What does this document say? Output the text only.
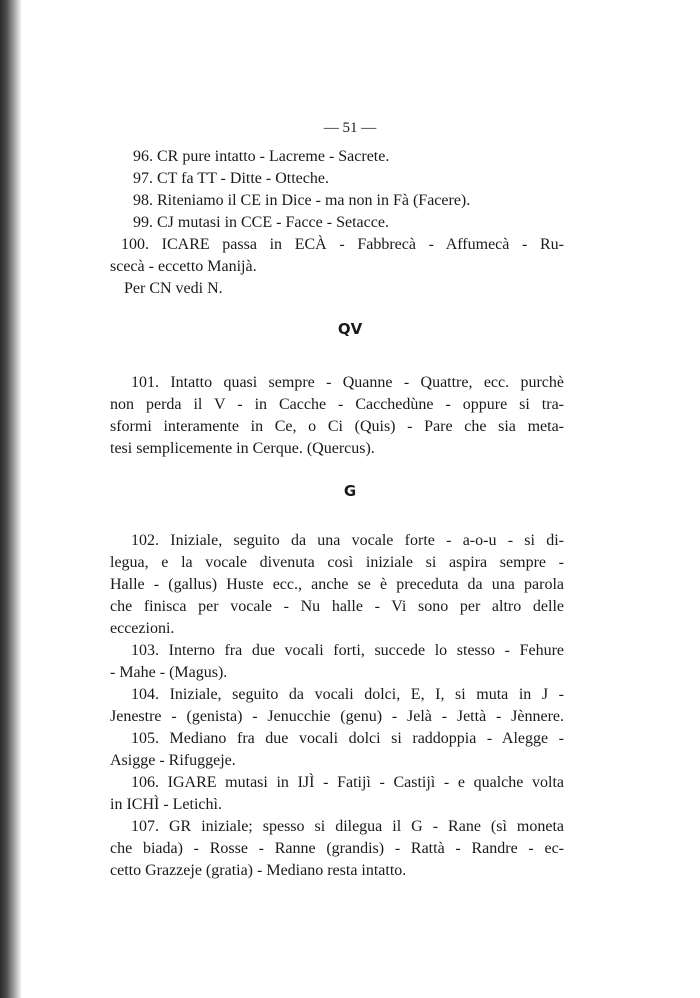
— 51 —
96. CR pure intatto - Lacreme - Sacrete.
97. CT fa TT - Ditte - Otteche.
98. Riteniamo il CE in Dice - ma non in Fà (Facere).
99. CJ mutasi in CCE - Facce - Setacce.
100. ICARE passa in ECÀ - Fabbrecà - Affumecà - Ru-
scecà - eccetto Manijà.
Per CN vedi N.
QV
101. Intatto quasi sempre - Quanne - Quattre, ecc. purchè
non perda il V - in Cacche - Cacchedùne - oppure si tra-
sformi interamente in Ce, o Ci (Quis) - Pare che sia meta-
tesi semplicemente in Cerque. (Quercus).
G
102. Iniziale, seguito da una vocale forte - a-o-u - si di-
legua, e la vocale divenuta così iniziale si aspira sempre -
Halle - (gallus) Huste ecc., anche se è preceduta da una parola
che finisca per vocale - Nu halle - Vi sono per altro delle
eccezioni.
103. Interno fra due vocali forti, succede lo stesso - Fehure
- Mahe - (Magus).
104. Iniziale, seguito da vocali dolci, E, I, si muta in J -
Jenestre - (genista) - Jenucchie (genu) - Jelà - Jettà - Jènnere.
105. Mediano fra due vocali dolci si raddoppia - Alegge -
Asigge - Rifuggeje.
106. IGARE mutasi in IJÌ - Fatijì - Castijì - e qualche volta
in ICHÌ - Letichì.
107. GR iniziale; spesso si dilegua il G - Rane (sì moneta
che biada) - Rosse - Ranne (grandis) - Rattà - Randre - ec-
cetto Grazzeje (gratia) - Mediano resta intatto.
